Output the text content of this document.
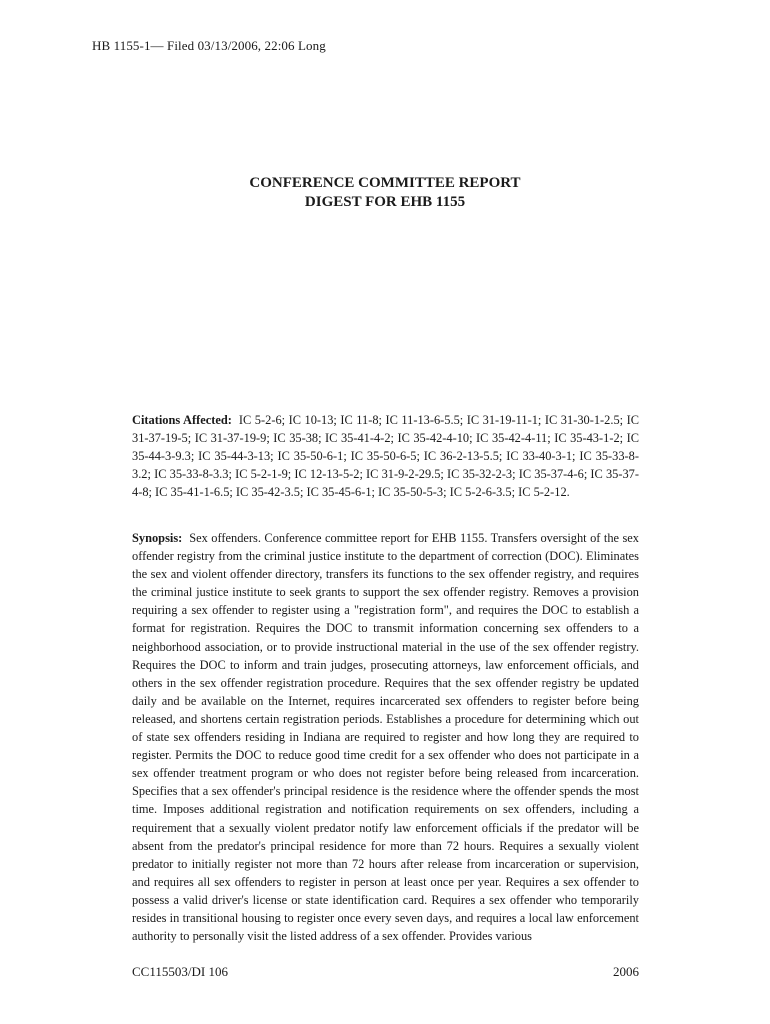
HB 1155-1— Filed 03/13/2006, 22:06 Long
CONFERENCE COMMITTEE REPORT
DIGEST FOR EHB 1155
Citations Affected: IC 5-2-6; IC 10-13; IC 11-8; IC 11-13-6-5.5; IC 31-19-11-1; IC 31-30-1-2.5; IC 31-37-19-5; IC 31-37-19-9; IC 35-38; IC 35-41-4-2; IC 35-42-4-10; IC 35-42-4-11; IC 35-43-1-2; IC 35-44-3-9.3; IC 35-44-3-13; IC 35-50-6-1; IC 35-50-6-5; IC 36-2-13-5.5; IC 33-40-3-1; IC 35-33-8-3.2; IC 35-33-8-3.3; IC 5-2-1-9; IC 12-13-5-2; IC 31-9-2-29.5; IC 35-32-2-3; IC 35-37-4-6; IC 35-37-4-8; IC 35-41-1-6.5; IC 35-42-3.5; IC 35-45-6-1; IC 35-50-5-3; IC 5-2-6-3.5; IC 5-2-12.
Synopsis: Sex offenders. Conference committee report for EHB 1155. Transfers oversight of the sex offender registry from the criminal justice institute to the department of correction (DOC). Eliminates the sex and violent offender directory, transfers its functions to the sex offender registry, and requires the criminal justice institute to seek grants to support the sex offender registry. Removes a provision requiring a sex offender to register using a "registration form", and requires the DOC to establish a format for registration. Requires the DOC to transmit information concerning sex offenders to a neighborhood association, or to provide instructional material in the use of the sex offender registry. Requires the DOC to inform and train judges, prosecuting attorneys, law enforcement officials, and others in the sex offender registration procedure. Requires that the sex offender registry be updated daily and be available on the Internet, requires incarcerated sex offenders to register before being released, and shortens certain registration periods. Establishes a procedure for determining which out of state sex offenders residing in Indiana are required to register and how long they are required to register. Permits the DOC to reduce good time credit for a sex offender who does not participate in a sex offender treatment program or who does not register before being released from incarceration. Specifies that a sex offender's principal residence is the residence where the offender spends the most time. Imposes additional registration and notification requirements on sex offenders, including a requirement that a sexually violent predator notify law enforcement officials if the predator will be absent from the predator's principal residence for more than 72 hours. Requires a sexually violent predator to initially register not more than 72 hours after release from incarceration or supervision, and requires all sex offenders to register in person at least once per year. Requires a sex offender to possess a valid driver's license or state identification card. Requires a sex offender who temporarily resides in transitional housing to register once every seven days, and requires a local law enforcement authority to personally visit the listed address of a sex offender. Provides various
CC115503/DI 106	2006
